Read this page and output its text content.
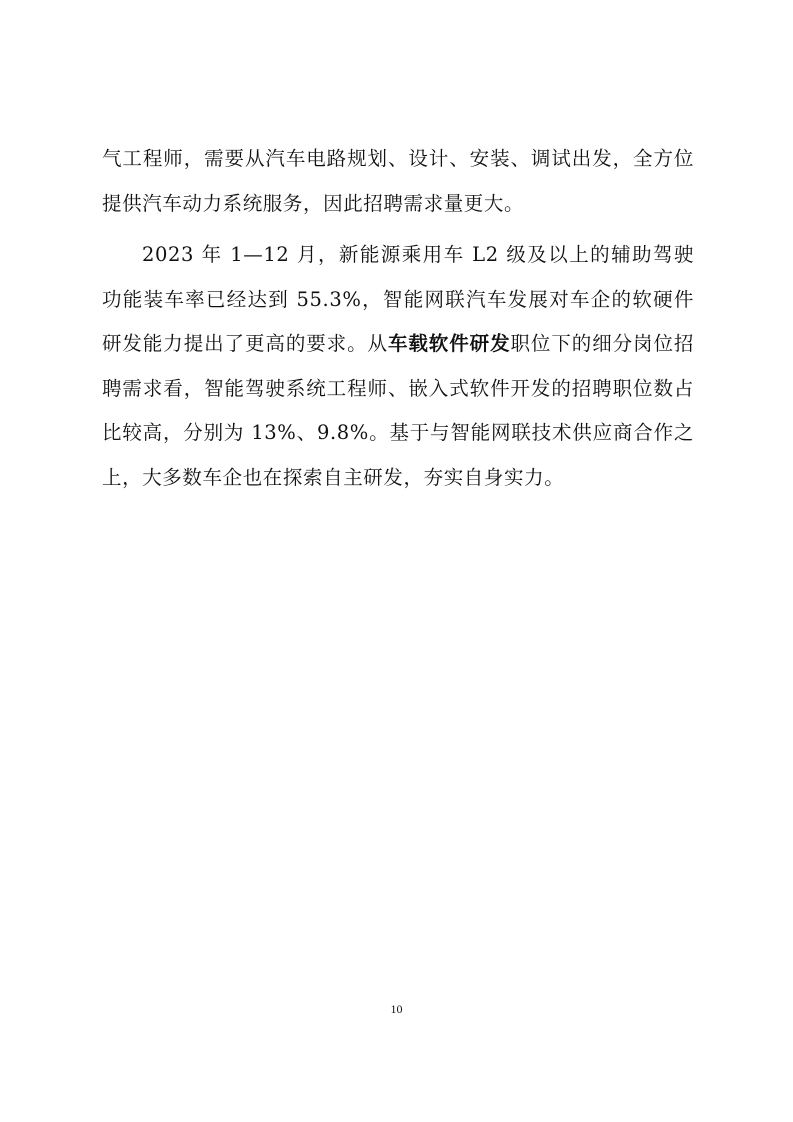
气工程师，需要从汽车电路规划、设计、安装、调试出发，全方位提供汽车动力系统服务，因此招聘需求量更大。

2023 年 1—12 月，新能源乘用车 L2 级及以上的辅助驾驶功能装车率已经达到 55.3%，智能网联汽车发展对车企的软硬件研发能力提出了更高的要求。从车载软件研发职位下的细分岗位招聘需求看，智能驾驶系统工程师、嵌入式软件开发的招聘职位数占比较高，分别为 13%、9.8%。基于与智能网联技术供应商合作之上，大多数车企也在探索自主研发，夯实自身实力。

10
